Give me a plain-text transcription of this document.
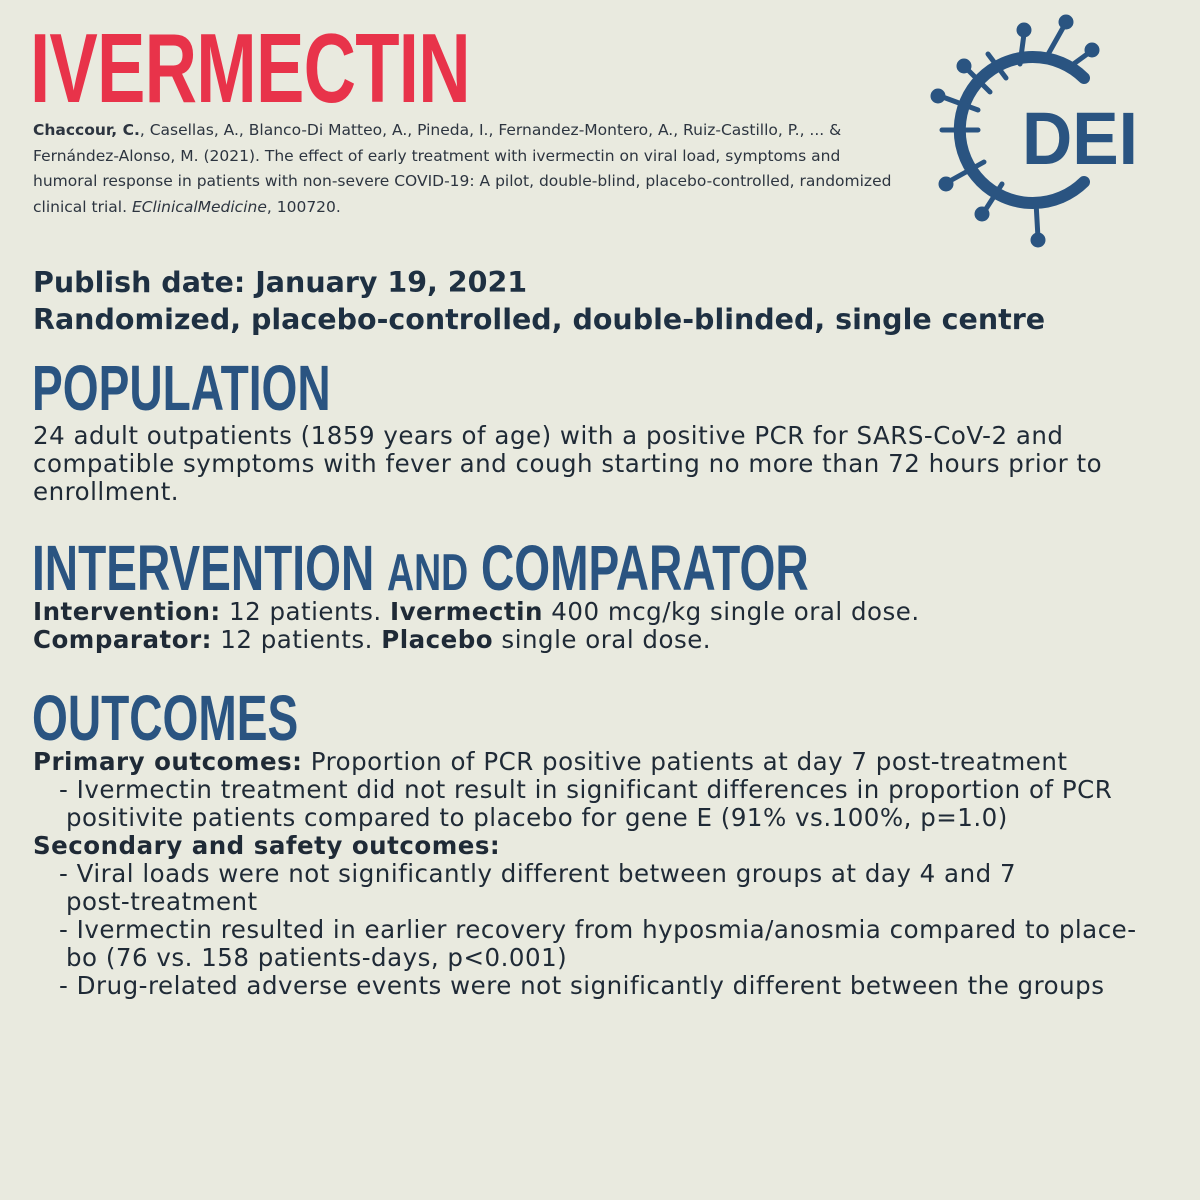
IVERMECTIN

Chaccour, C., Casellas, A., Blanco-Di Matteo, A., Pineda, I., Fernandez-Montero, A., Ruiz-Castillo, P., ... & Fernández-Alonso, M. (2021). The effect of early treatment with ivermectin on viral load, symptoms and humoral response in patients with non-severe COVID-19: A pilot, double-blind, placebo-controlled, randomized clinical trial. EClinicalMedicine, 100720.

DEI
Publish date: January 19, 2021
Randomized, placebo-controlled, double-blinded, single centre
POPULATION
24 adult outpatients (1859 years of age) with a positive PCR for SARS-CoV-2 and compatible symptoms with fever and cough starting no more than 72 hours prior to enrollment.
INTERVENTION AND COMPARATOR
Intervention: 12 patients. Ivermectin 400 mcg/kg single oral dose.
Comparator: 12 patients. Placebo single oral dose.
OUTCOMES
Primary outcomes: Proportion of PCR positive patients at day 7 post-treatment
- Ivermectin treatment did not result in significant differences in proportion of PCR
positivite patients compared to placebo for gene E (91% vs.100%, p=1.0)
Secondary and safety outcomes:
- Viral loads were not significantly different between groups at day 4 and 7
post-treatment
- Ivermectin resulted in earlier recovery from hyposmia/anosmia compared to place-
bo (76 vs. 158 patients-days, p<0.001)
- Drug-related adverse events were not significantly different between the groups
